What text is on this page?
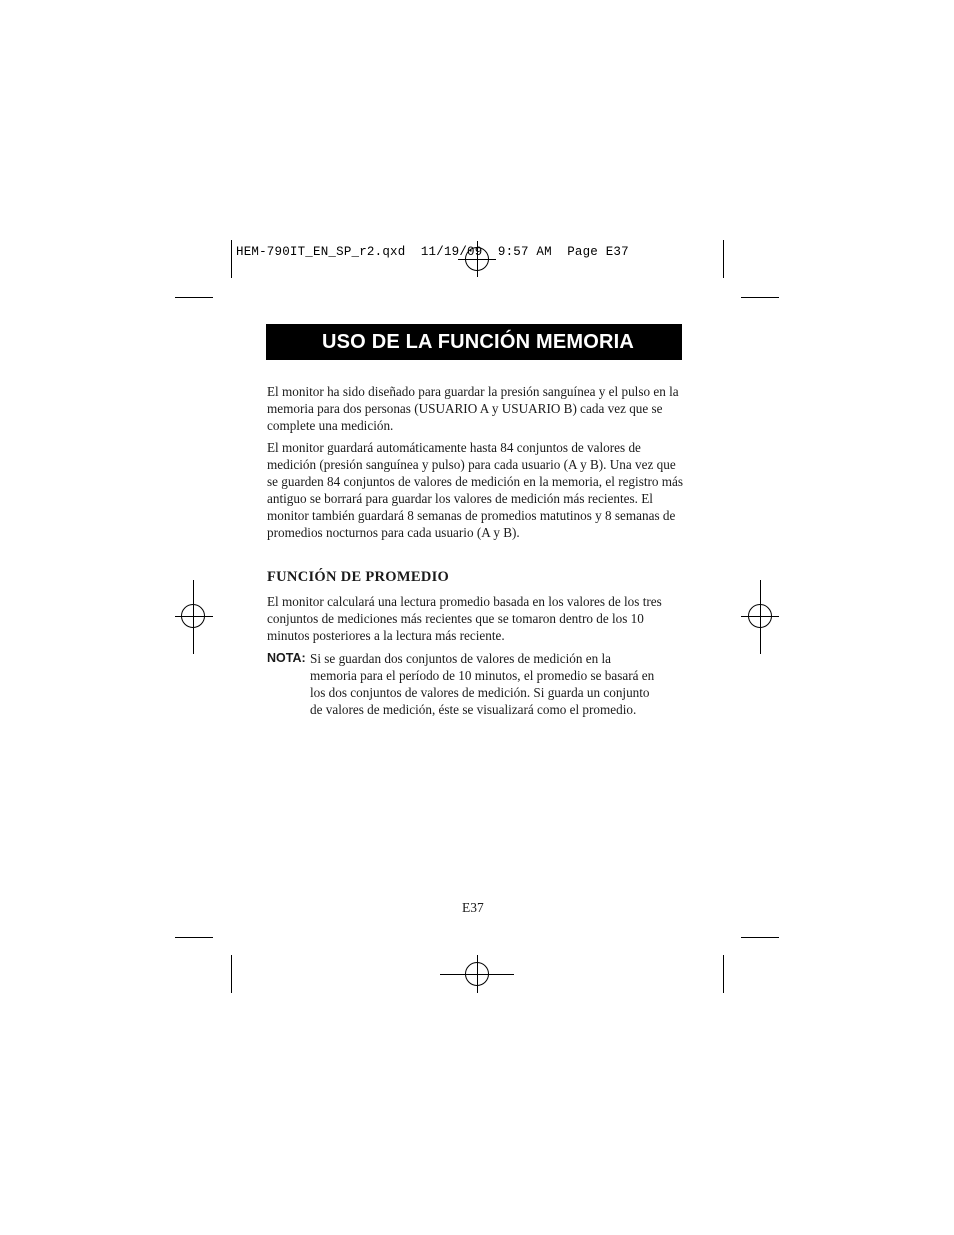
HEM-790IT_EN_SP_r2.qxd 11/19/09 9:57 AM Page E37
USO DE LA FUNCIÓN MEMORIA

El monitor ha sido diseñado para guardar la presión sanguínea y el pulso en la memoria para dos personas (USUARIO A y USUARIO B) cada vez que se complete una medición.

El monitor guardará automáticamente hasta 84 conjuntos de valores de medición (presión sanguínea y pulso) para cada usuario (A y B). Una vez que se guarden 84 conjuntos de valores de medición en la memoria, el registro más antiguo se borrará para guardar los valores de medición más recientes. El monitor también guardará 8 semanas de promedios matutinos y 8 semanas de promedios nocturnos para cada usuario (A y B).

FUNCIÓN DE PROMEDIO

El monitor calculará una lectura promedio basada en los valores de los tres conjuntos de mediciones más recientes que se tomaron dentro de los 10 minutos posteriores a la lectura más reciente.

NOTA: Si se guardan dos conjuntos de valores de medición en la memoria para el período de 10 minutos, el promedio se basará en los dos conjuntos de valores de medición. Si guarda un conjunto de valores de medición, éste se visualizará como el promedio.

E37
